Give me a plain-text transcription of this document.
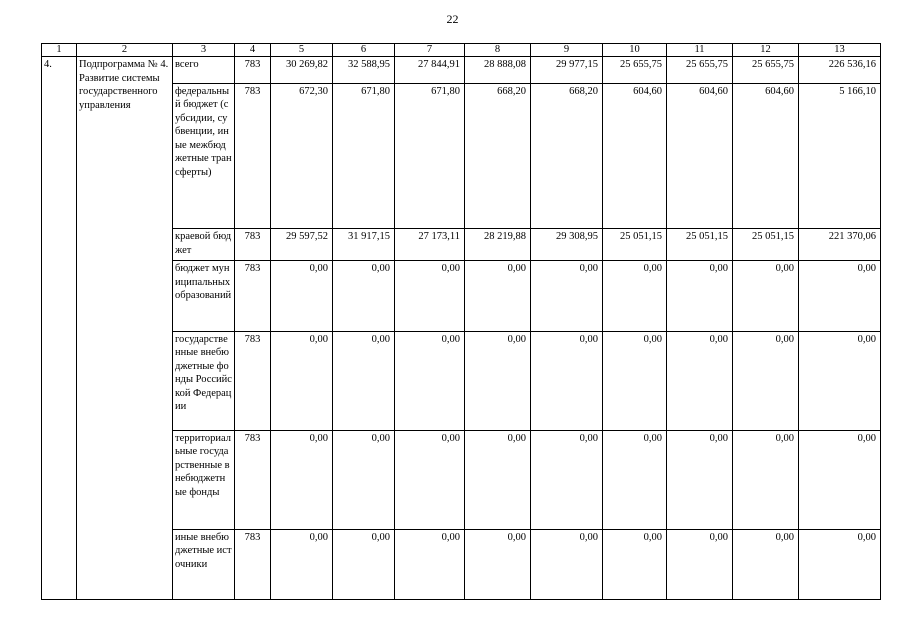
22
1	2	3	4	5	6	7	8	9	10	11	12	13
4.	Подпрограмма № 4. Развитие системы государственного управления	всего	783	30 269,82	32 588,95	27 844,91	28 888,08	29 977,15	25 655,75	25 655,75	25 655,75	226 536,16
		федеральный бюджет (субсидии, субвенции, иные межбюджетные трансферты)	783	672,30	671,80	671,80	668,20	668,20	604,60	604,60	604,60	5 166,10
		краевой бюджет	783	29 597,52	31 917,15	27 173,11	28 219,88	29 308,95	25 051,15	25 051,15	25 051,15	221 370,06
		бюджет муниципальных образований	783	0,00	0,00	0,00	0,00	0,00	0,00	0,00	0,00	0,00
		государственные внебюджетные фонды Российской Федерации	783	0,00	0,00	0,00	0,00	0,00	0,00	0,00	0,00	0,00
		территориальные государственные внебюджетные фонды	783	0,00	0,00	0,00	0,00	0,00	0,00	0,00	0,00	0,00
		иные внебюджетные источники	783	0,00	0,00	0,00	0,00	0,00	0,00	0,00	0,00	0,00
